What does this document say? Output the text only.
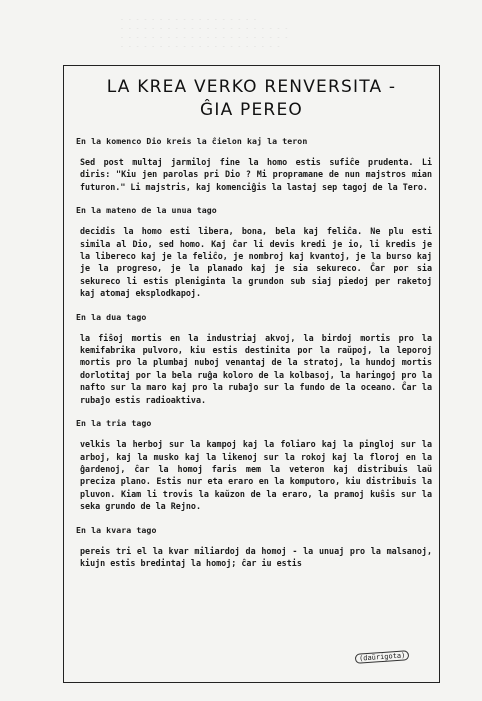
- - - - - - - - - - - - - - - - - -
- - - - - - - - - - - - - - - - - - - - - -
- - - - - - - - - - - - - - - - - - - - - -
- - - - - - - - - - - - - - - - - - - - -
LA KREA VERKO RENVERSITA -
ĜIA PEREO
En la komenco Dio kreis la ĉielon kaj la teron
Sed post multaj jarmiloj fine la homo estis sufiĉe prudenta. Li diris: "Kiu jen parolas pri Dio ? Mi propramane de nun majstros mian futuron." Li majstris, kaj komenciĝis la lastaj sep tagoj de la Tero.
En la mateno de la unua tago
decidis la homo esti libera, bona, bela kaj feliĉa. Ne plu esti simila al Dio, sed homo. Kaj ĉar li devis kredi je io, li kredis je la libereco kaj je la feliĉo, je nombroj kaj kvantoj, je la burso kaj je la progreso, je la planado kaj je sia sekureco. Ĉar por sia sekureco li estis pleniginta la grundon sub siaj piedoj per raketoj kaj atomaj eksplodkapoj.
En la dua tago
la fiŝoj mortis en la industriaj akvoj, la birdoj mortis pro la kemifabrika pulvoro, kiu estis destinita por la raŭpoj, la leporoj mortis pro la plumbaj nuboj venantaj de la stratoj, la hundoj mortis dorlotitaj por la bela ruĝa koloro de la kolbasoj, la haringoj pro la nafto sur la maro kaj pro la rubaĵo sur la fundo de la oceano. Ĉar la rubaĵo estis radioaktiva.
En la tria tago
velkis la herboj sur la kampoj kaj la foliaro kaj la pingloj sur la arboj, kaj la musko kaj la likenoj sur la rokoj kaj la floroj en la ĝardenoj, ĉar la homoj faris mem la veteron kaj distribuis laŭ preciza plano. Estis nur eta eraro en la komputoro, kiu distribuis la pluvon. Kiam li trovis la kaŭzon de la eraro, la pramoj kuŝis sur la seka grundo de la Rejno.
En la kvara tago
pereis tri el la kvar miliardoj da homoj - la unuaj pro la malsanoj, kiujn estis bredintaj la homoj; ĉar iu estis
(daŭrigota)
